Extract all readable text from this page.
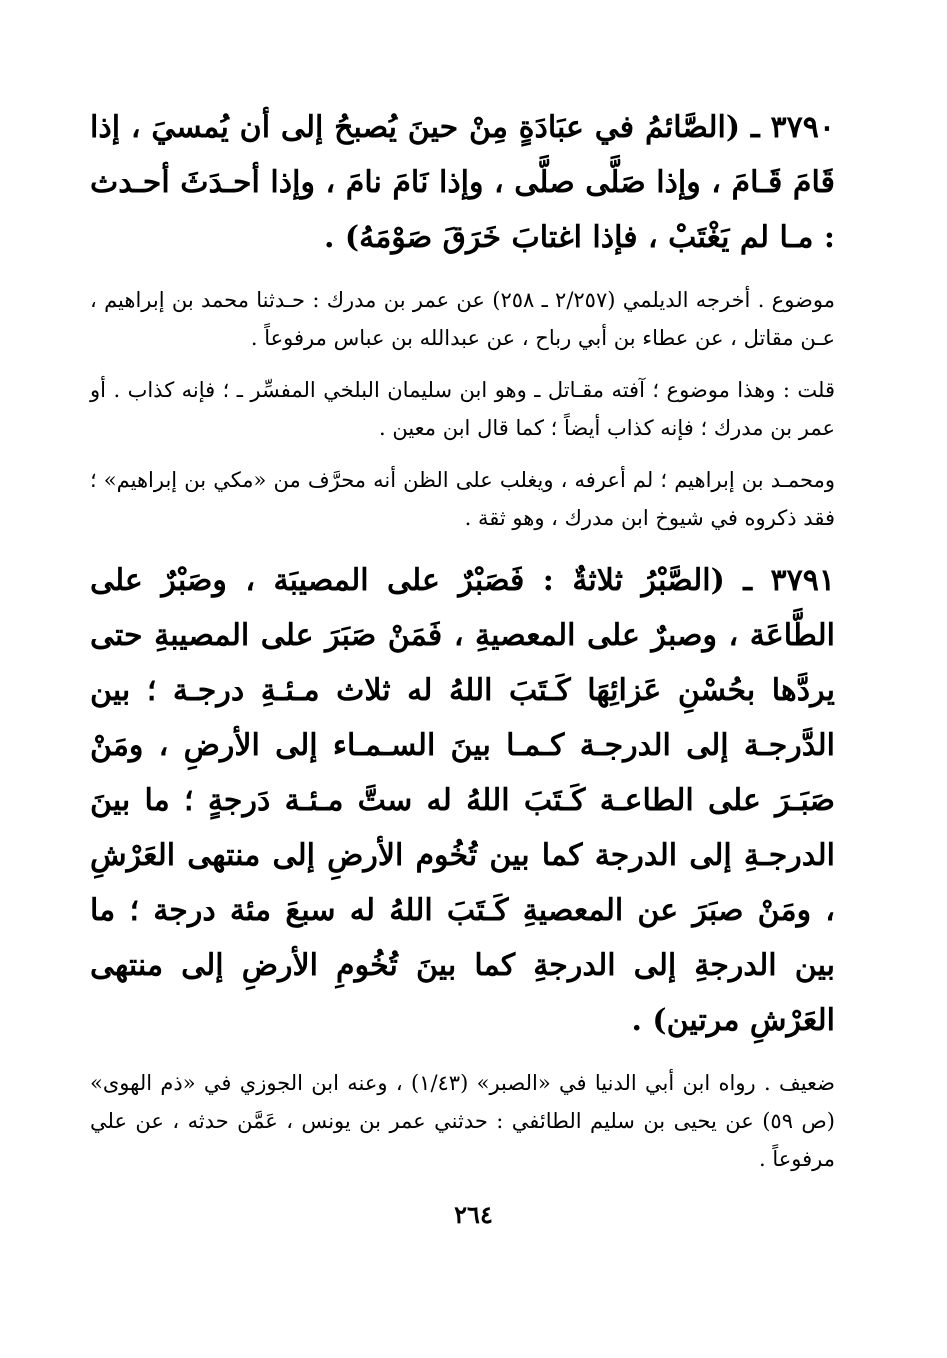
٣٧٩٠ ـ (الصَّائمُ في عبَادَةٍ مِنْ حينَ يُصبحُ إلى أن يُمسيَ ، إذا قَامَ قَـامَ ، وإذا صَلَّى صلَّى ، وإذا نَامَ نامَ ، وإذا أحـدَثَ أحـدث : مـا لم يَغْتَبْ ، فإذا اغتابَ خَرَقَ صَوْمَهُ) .

موضوع . أخرجه الديلمي (٢/٢٥٧ ـ ٢٥٨) عن عمر بن مدرك : حـدثنا محمد بن إبراهيم ، عـن مقاتل ، عن عطاء بن أبي رباح ، عن عبدالله بن عباس مرفوعاً .

قلت : وهذا موضوع ؛ آفته مقـاتل ـ وهو ابن سليمان البلخي المفسِّر ـ ؛ فإنه كذاب . أو عمر بن مدرك ؛ فإنه كذاب أيضاً ؛ كما قال ابن معين .

ومحمـد بن إبراهيم ؛ لم أعرفه ، ويغلب على الظن أنه محرَّف من «مكي بن إبراهيم» ؛ فقد ذكروه في شيوخ ابن مدرك ، وهو ثقة .

٣٧٩١ ـ (الصَّبْرُ ثلاثةٌ : فَصَبْرٌ على المصيبَة ، وصَبْرٌ على الطَّاعَة ، وصبرٌ على المعصيةِ ، فَمَنْ صَبَرَ على المصيبةِ حتى يردَّها بحُسْنِ عَزائِهَا كَـتَبَ اللهُ له ثلاث مـئـةِ درجـة ؛ بين الدَّرجـة إلى الدرجـة كـمـا بينَ السـمـاء إلى الأرضِ ، ومَنْ صَبَـرَ على الطاعـة كَـتَبَ اللهُ له ستَّ مـئـة دَرجةٍ ؛ ما بينَ الدرجـةِ إلى الدرجة كما بين تُخُوم الأرضِ إلى منتهى العَرْشِ ، ومَنْ صبَرَ عن المعصيةِ كَـتَبَ اللهُ له سبعَ مئة درجة ؛ ما بين الدرجةِ إلى الدرجةِ كما بينَ تُخُومِ الأرضِ إلى منتهى العَرْشِ مرتين) .

ضعيف . رواه ابن أبي الدنيا في «الصبر» (١/٤٣) ، وعنه ابن الجوزي في «ذم الهوى» (ص ٥٩) عن يحيى بن سليم الطائفي : حدثني عمر بن يونس ، عَمَّن حدثه ، عن علي مرفوعاً .

٢٦٤
